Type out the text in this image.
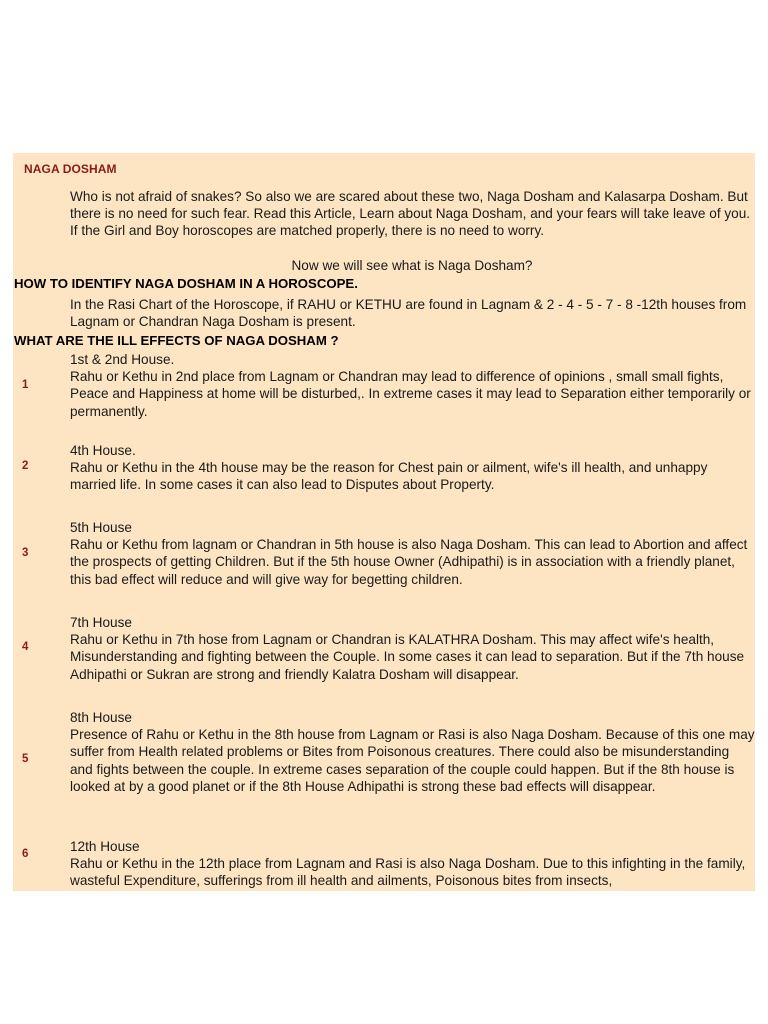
NAGA DOSHAM
Who is not afraid of snakes? So also we are scared about these two, Naga Dosham and Kalasarpa Dosham. But there is no need for such fear. Read this Article, Learn about Naga Dosham, and your fears will take leave of you. If the Girl and Boy horoscopes are matched properly, there is no need to worry.
Now we will see what is Naga Dosham?
HOW TO IDENTIFY NAGA DOSHAM IN A HOROSCOPE.
In the Rasi Chart of the Horoscope, if RAHU or KETHU are found in Lagnam & 2 - 4 - 5 - 7 - 8 -12th houses from Lagnam or Chandran Naga Dosham is present.
WHAT ARE THE ILL EFFECTS OF NAGA DOSHAM ?
1
1st & 2nd House.
Rahu or Kethu in 2nd place from Lagnam or Chandran may lead to difference of opinions , small small fights, Peace and Happiness at home will be disturbed,. In extreme cases it may lead to Separation either temporarily or permanently.
2
4th House.
Rahu or Kethu in the 4th house may be the reason for Chest pain or ailment, wife's ill health, and unhappy married life. In some cases it can also lead to Disputes about Property.
3
5th House
Rahu or Kethu from lagnam or Chandran in 5th house is also Naga Dosham. This can lead to Abortion and affect the prospects of getting Children. But if the 5th house Owner (Adhipathi) is in association with a friendly planet, this bad effect will reduce and will give way for begetting children.
4
7th House
Rahu or Kethu in 7th hose from Lagnam or Chandran is KALATHRA Dosham. This may affect wife's health, Misunderstanding and fighting between the Couple. In some cases it can lead to separation. But if the 7th house Adhipathi or Sukran are strong and friendly Kalatra Dosham will disappear.
5
8th House
Presence of Rahu or Kethu in the 8th house from Lagnam or Rasi is also Naga Dosham. Because of this one may suffer from Health related problems or Bites from Poisonous creatures. There could also be misunderstanding and fights between the couple. In extreme cases separation of the couple could happen. But if the 8th house is looked at by a good planet or if the 8th House Adhipathi is strong these bad effects will disappear.
6	12th House
Rahu or Kethu in the 12th place from Lagnam and Rasi is also Naga Dosham. Due to this infighting in the family, wasteful Expenditure, sufferings from ill health and ailments, Poisonous bites from insects,
